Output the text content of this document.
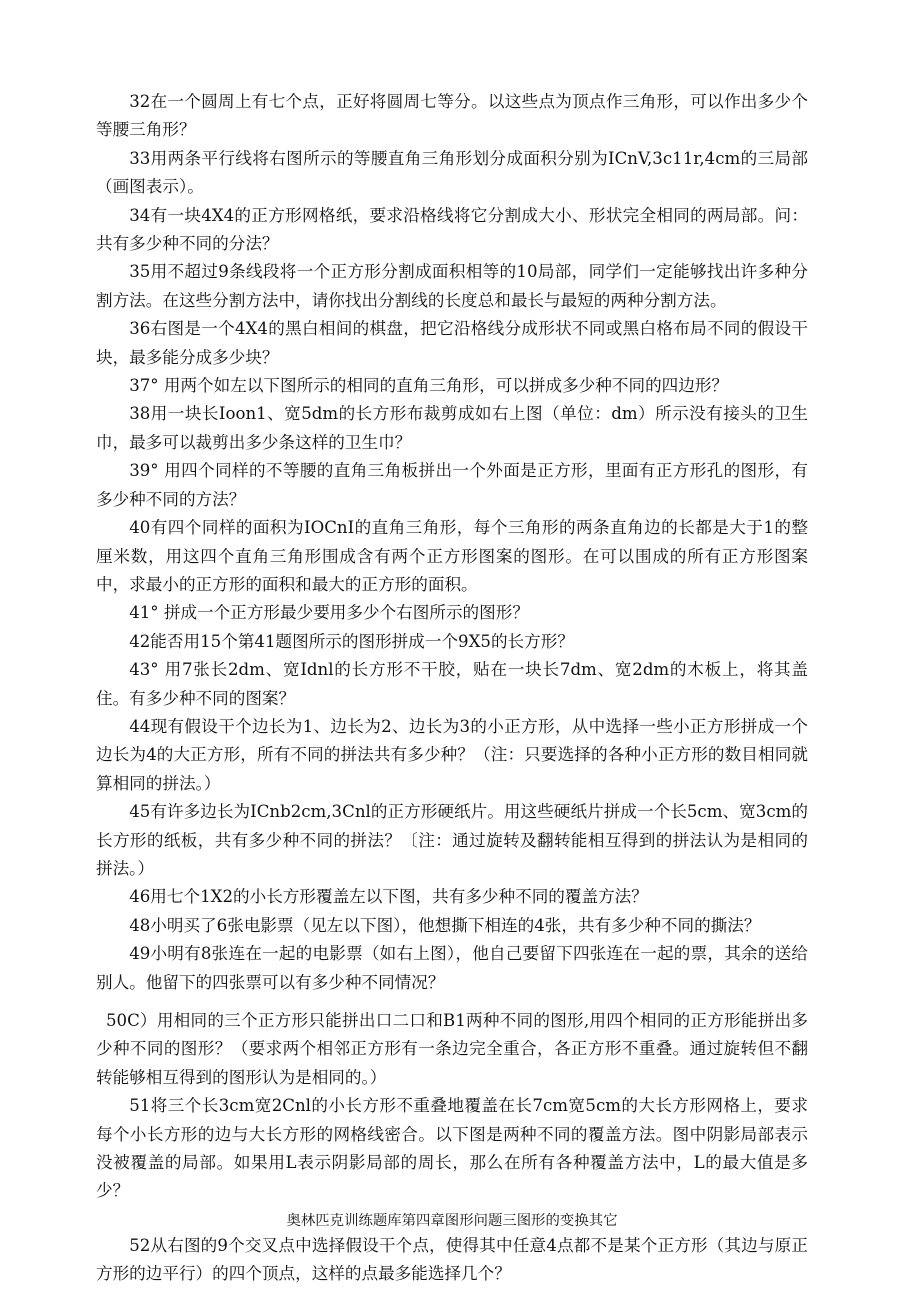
32在一个圆周上有七个点，正好将圆周七等分。以这些点为顶点作三角形，可以作出多少个等腰三角形？

33用两条平行线将右图所示的等腰直角三角形划分成面积分别为ICnV,3c11r,4cm的三局部（画图表示）。

34有一块4X4的正方形网格纸，要求沿格线将它分割成大小、形状完全相同的两局部。问：共有多少种不同的分法？

35用不超过9条线段将一个正方形分割成面积相等的10局部，同学们一定能够找出许多种分割方法。在这些分割方法中，请你找出分割线的长度总和最长与最短的两种分割方法。

36右图是一个4X4的黑白相间的棋盘，把它沿格线分成形状不同或黑白格布局不同的假设干块，最多能分成多少块？

37° 用两个如左以下图所示的相同的直角三角形，可以拼成多少种不同的四边形？

38用一块长Ioon1、宽5dm的长方形布裁剪成如右上图（单位：dm）所示没有接头的卫生巾，最多可以裁剪出多少条这样的卫生巾？

39° 用四个同样的不等腰的直角三角板拼出一个外面是正方形，里面有正方形孔的图形，有多少种不同的方法？

40有四个同样的面积为IOCnI的直角三角形，每个三角形的两条直角边的长都是大于1的整厘米数，用这四个直角三角形围成含有两个正方形图案的图形。在可以围成的所有正方形图案中，求最小的正方形的面积和最大的正方形的面积。

41° 拼成一个正方形最少要用多少个右图所示的图形？

42能否用15个第41题图所示的图形拼成一个9X5的长方形？

43° 用7张长2dm、宽Idnl的长方形不干胶，贴在一块长7dm、宽2dm的木板上，将其盖住。有多少种不同的图案？

44现有假设干个边长为1、边长为2、边长为3的小正方形，从中选择一些小正方形拼成一个边长为4的大正方形，所有不同的拼法共有多少种？（注：只要选择的各种小正方形的数目相同就算相同的拼法。）

45有许多边长为ICnb2cm,3Cnl的正方形硬纸片。用这些硬纸片拼成一个长5cm、宽3cm的长方形的纸板，共有多少种不同的拼法？〔注：通过旋转及翻转能相互得到的拼法认为是相同的拼法。）

46用七个1X2的小长方形覆盖左以下图，共有多少种不同的覆盖方法？

48小明买了6张电影票（见左以下图），他想撕下相连的4张，共有多少种不同的撕法？

49小明有8张连在一起的电影票（如右上图），他自己要留下四张连在一起的票，其余的送给别人。他留下的四张票可以有多少种不同情况？

50C）用相同的三个正方形只能拼出口二口和B1两种不同的图形,用四个相同的正方形能拼出多少种不同的图形？（要求两个相邻正方形有一条边完全重合，各正方形不重叠。通过旋转但不翻转能够相互得到的图形认为是相同的。）

51将三个长3cm宽2Cnl的小长方形不重叠地覆盖在长7cm宽5cm的大长方形网格上，要求每个小长方形的边与大长方形的网格线密合。以下图是两种不同的覆盖方法。图中阴影局部表示没被覆盖的局部。如果用L表示阴影局部的周长，那么在所有各种覆盖方法中，L的最大值是多少？

奥林匹克训练题库第四章图形问题三图形的变换其它

52从右图的9个交叉点中选择假设干个点，使得其中任意4点都不是某个正方形（其边与原正方形的边平行）的四个顶点，这样的点最多能选择几个？
